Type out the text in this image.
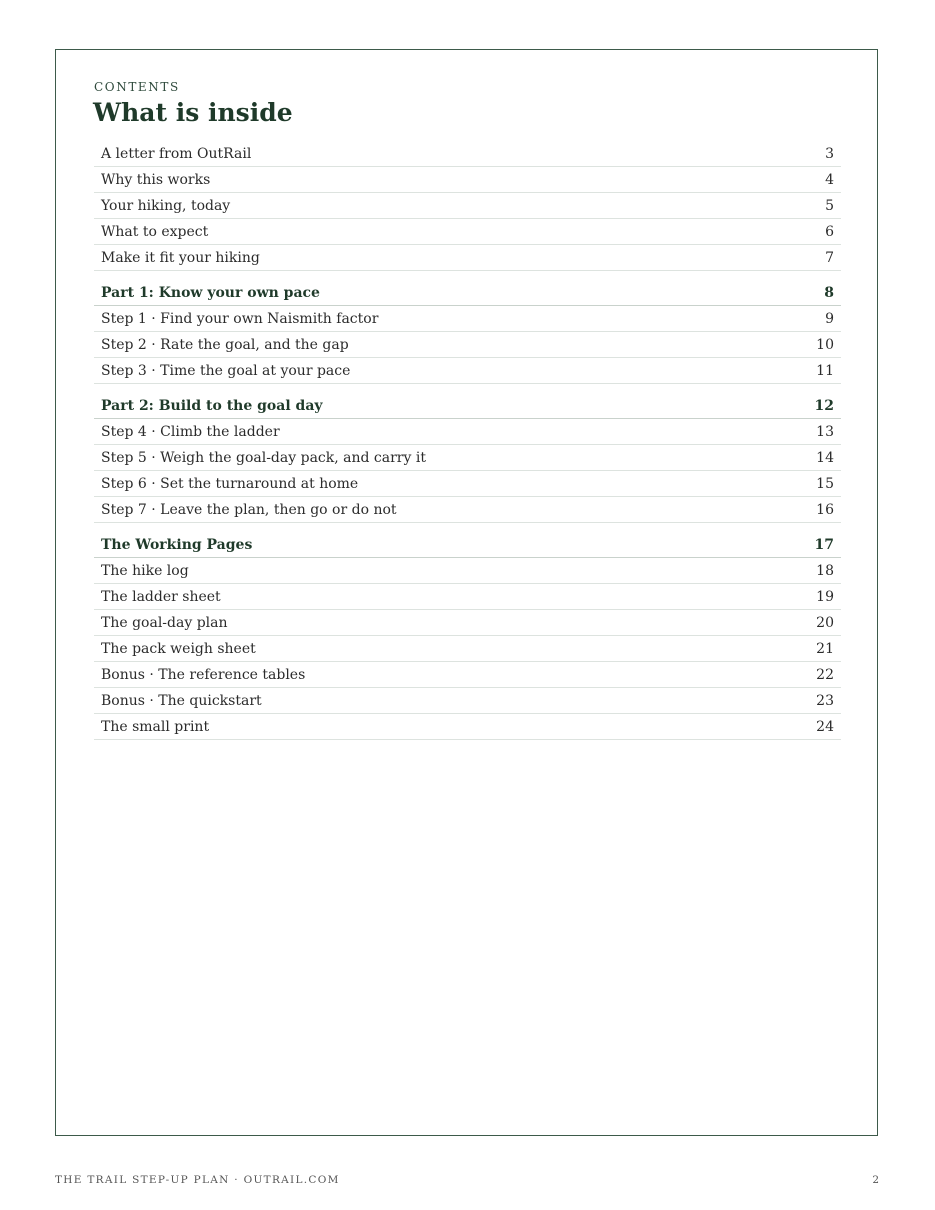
CONTENTS
What is inside
A letter from OutRail	3
Why this works	4
Your hiking, today	5
What to expect	6
Make it fit your hiking	7
Part 1: Know your own pace	8
Step 1 · Find your own Naismith factor	9
Step 2 · Rate the goal, and the gap	10
Step 3 · Time the goal at your pace	11
Part 2: Build to the goal day	12
Step 4 · Climb the ladder	13
Step 5 · Weigh the goal-day pack, and carry it	14
Step 6 · Set the turnaround at home	15
Step 7 · Leave the plan, then go or do not	16
The Working Pages	17
The hike log	18
The ladder sheet	19
The goal-day plan	20
The pack weigh sheet	21
Bonus · The reference tables	22
Bonus · The quickstart	23
The small print	24
THE TRAIL STEP-UP PLAN · OUTRAIL.COM	2
